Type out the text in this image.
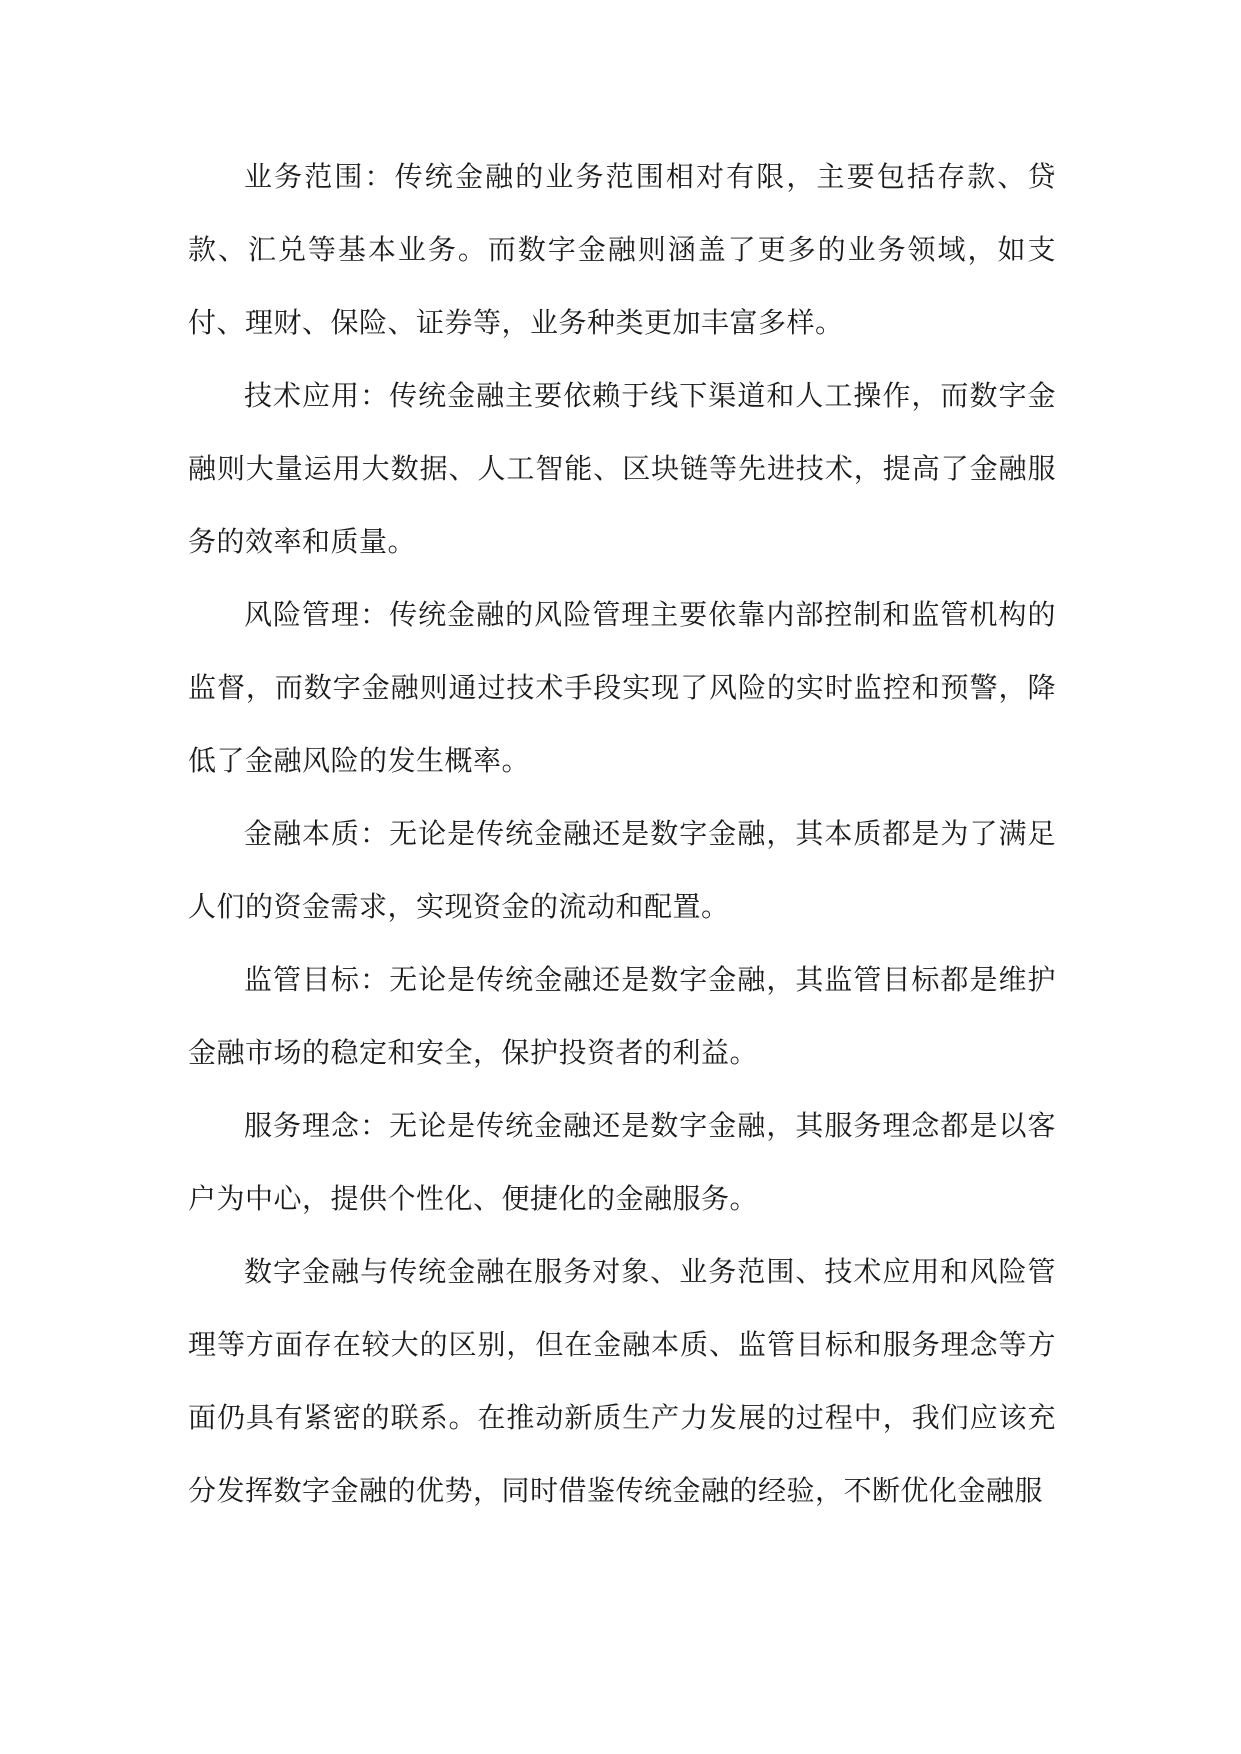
业务范围：传统金融的业务范围相对有限，主要包括存款、贷款、汇兑等基本业务。而数字金融则涵盖了更多的业务领域，如支付、理财、保险、证券等，业务种类更加丰富多样。

技术应用：传统金融主要依赖于线下渠道和人工操作，而数字金融则大量运用大数据、人工智能、区块链等先进技术，提高了金融服务的效率和质量。

风险管理：传统金融的风险管理主要依靠内部控制和监管机构的监督，而数字金融则通过技术手段实现了风险的实时监控和预警，降低了金融风险的发生概率。

金融本质：无论是传统金融还是数字金融，其本质都是为了满足人们的资金需求，实现资金的流动和配置。

监管目标：无论是传统金融还是数字金融，其监管目标都是维护金融市场的稳定和安全，保护投资者的利益。

服务理念：无论是传统金融还是数字金融，其服务理念都是以客户为中心，提供个性化、便捷化的金融服务。

数字金融与传统金融在服务对象、业务范围、技术应用和风险管理等方面存在较大的区别，但在金融本质、监管目标和服务理念等方面仍具有紧密的联系。在推动新质生产力发展的过程中，我们应该充分发挥数字金融的优势，同时借鉴传统金融的经验，不断优化金融服
